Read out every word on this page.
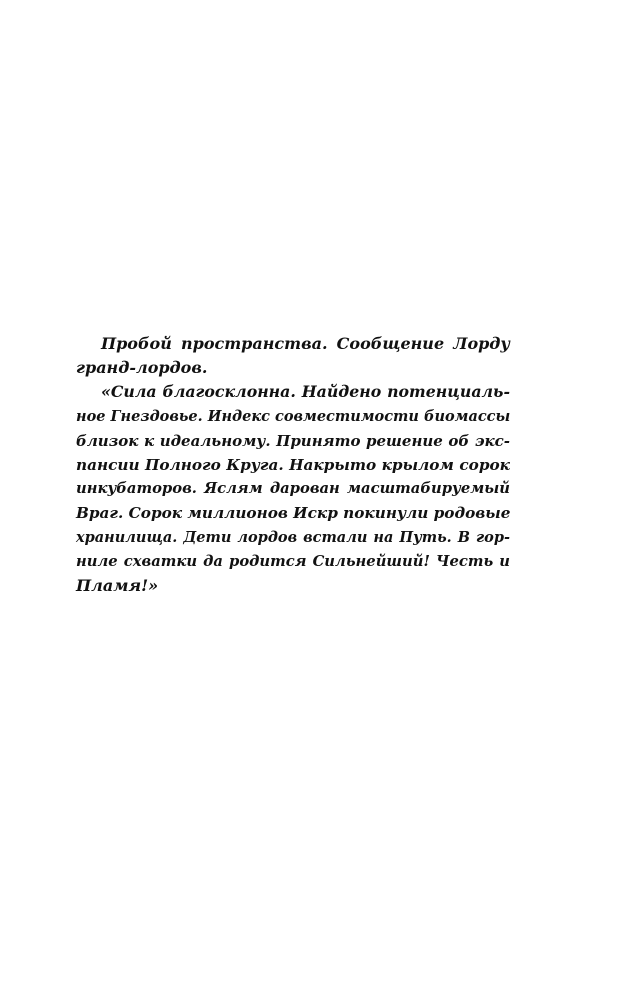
Пробой пространства. Сообщение Лорду
гранд-лордов.
«Сила благосклонна. Найдено потенциаль-
ное Гнездовье. Индекс совместимости биомассы
близок к идеальному. Принято решение об экс-
пансии Полного Круга. Накрыто крылом сорок
инкубаторов. Яслям дарован масштабируемый
Враг. Сорок миллионов Искр покинули родовые
хранилища. Дети лордов встали на Путь. В гор-
ниле схватки да родится Сильнейший! Честь и
Пламя!»
